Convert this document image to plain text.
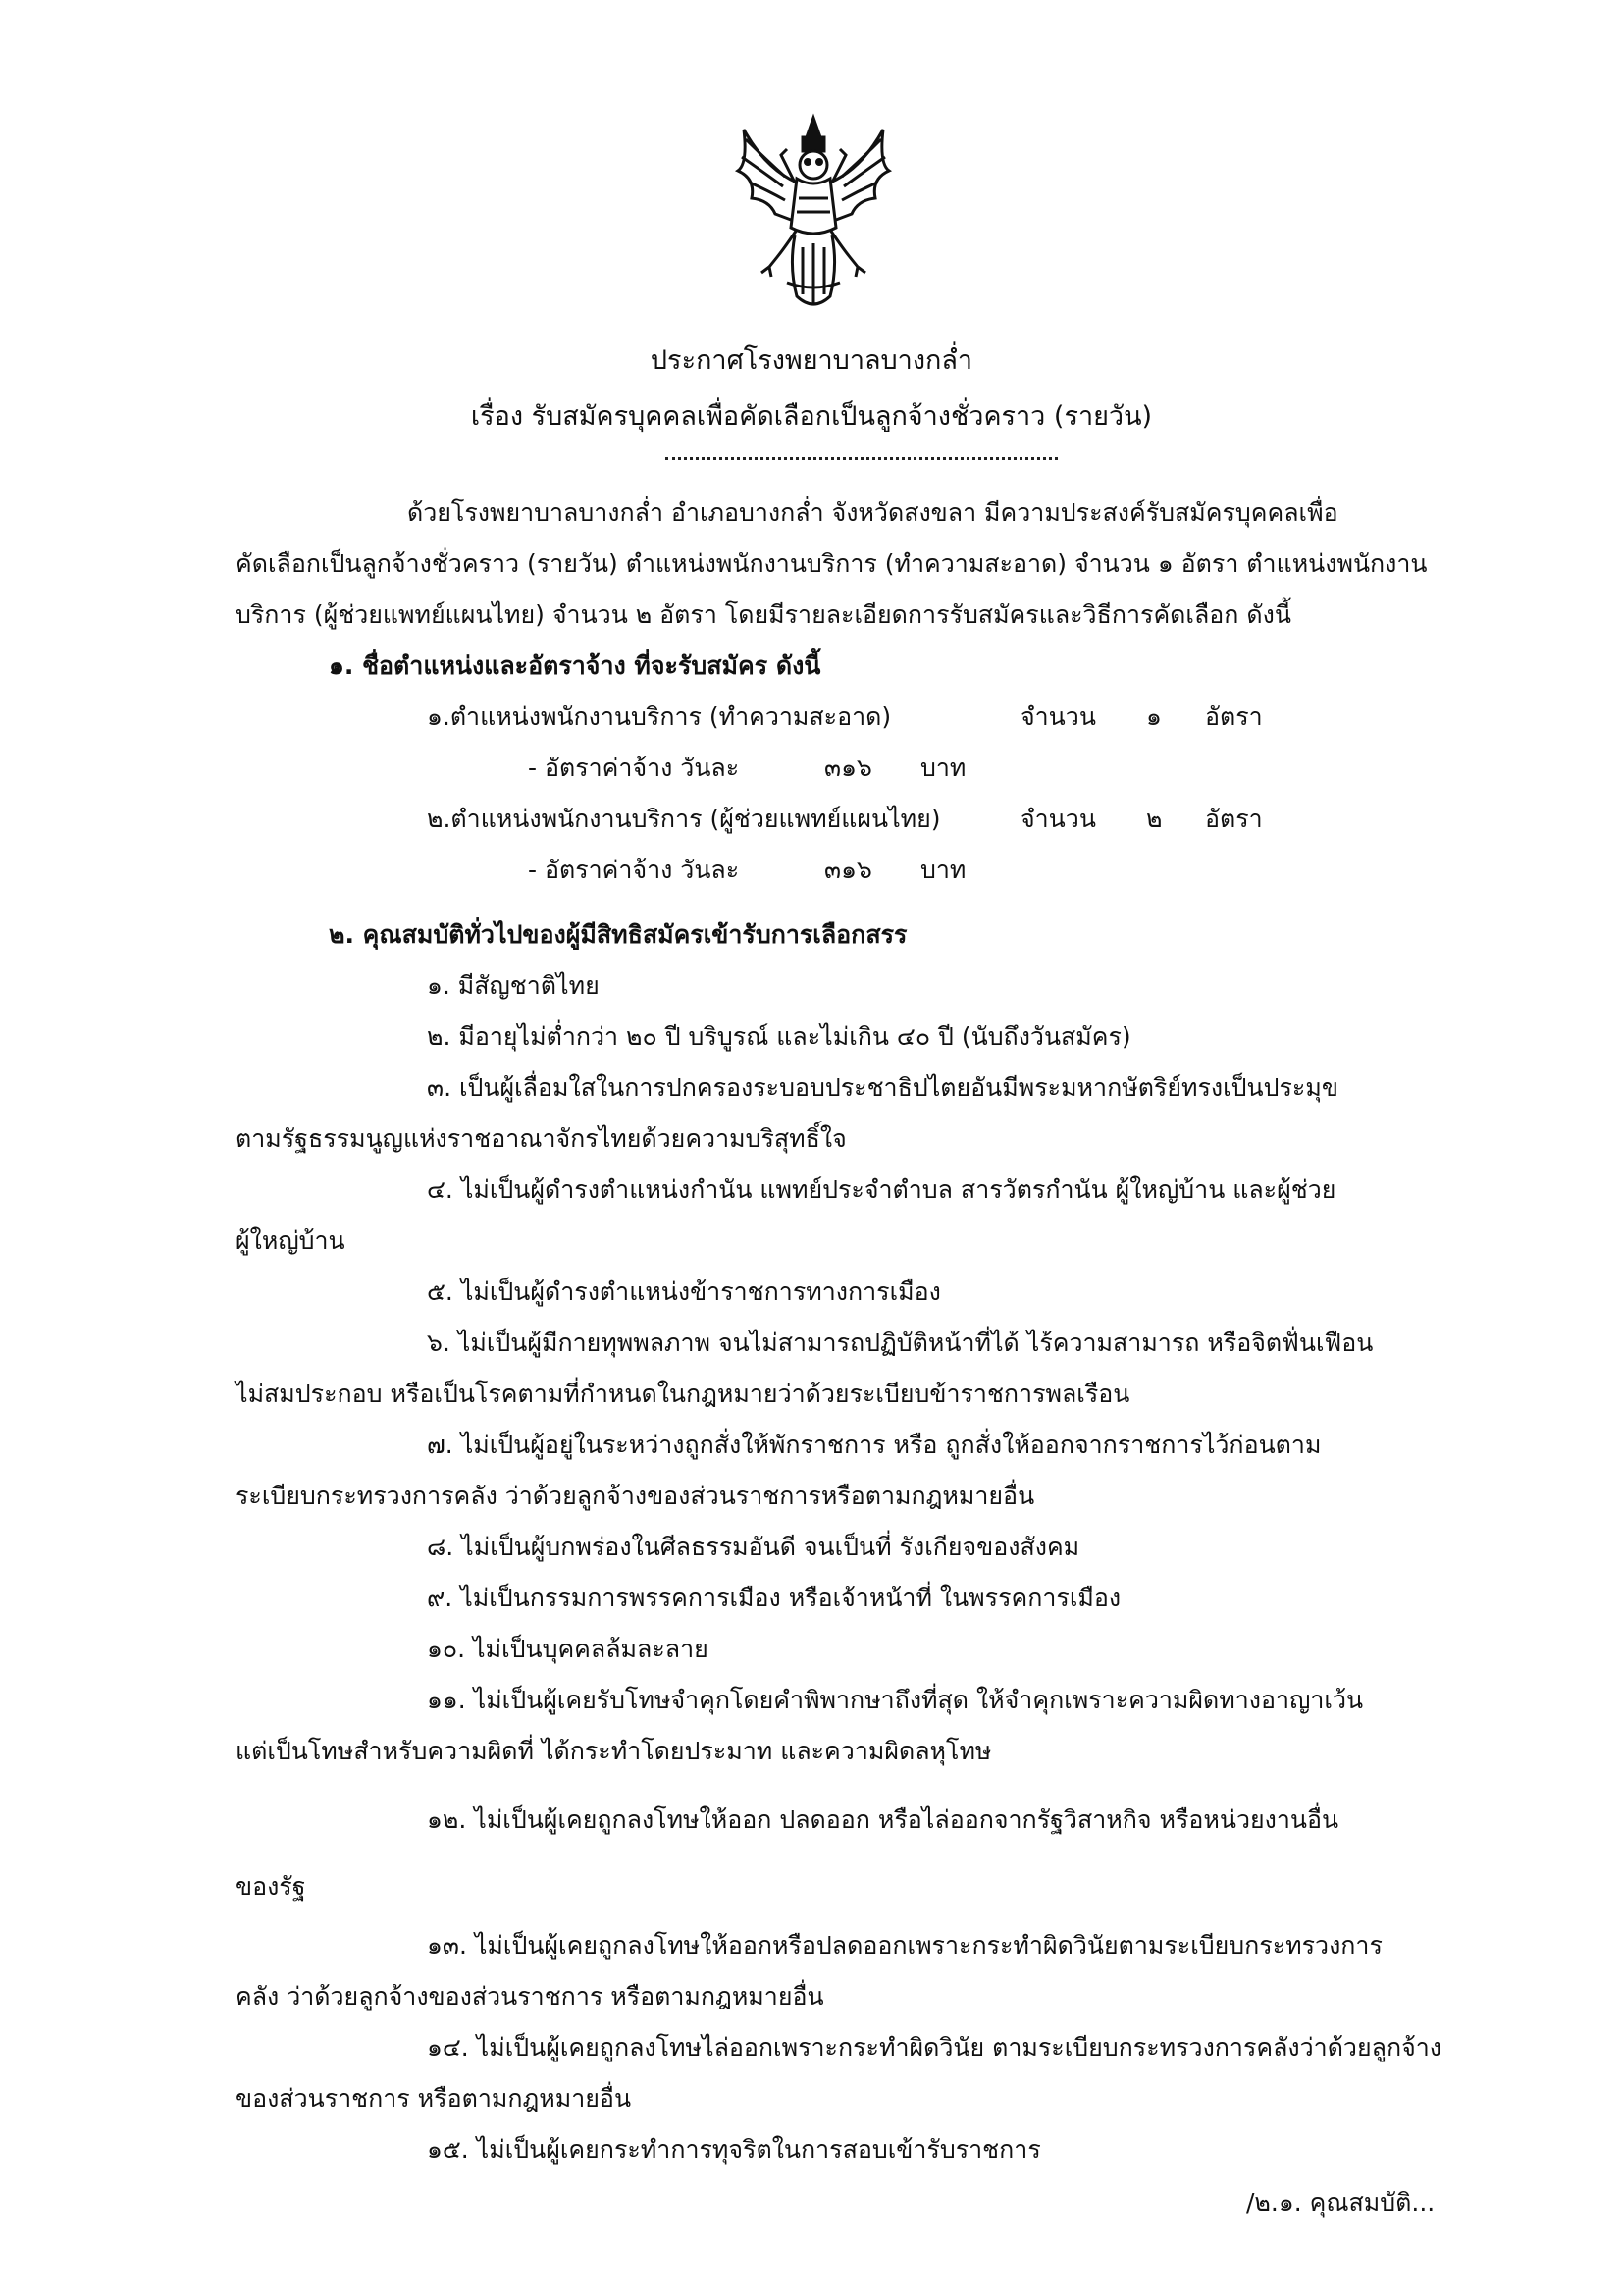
ประกาศโรงพยาบาลบางกล่ำ
เรื่อง รับสมัครบุคคลเพื่อคัดเลือกเป็นลูกจ้างชั่วคราว (รายวัน)
ด้วยโรงพยาบาลบางกล่ำ อำเภอบางกล่ำ จังหวัดสงขลา มีความประสงค์รับสมัครบุคคลเพื่อ
คัดเลือกเป็นลูกจ้างชั่วคราว (รายวัน) ตำแหน่งพนักงานบริการ (ทำความสะอาด) จำนวน ๑ อัตรา ตำแหน่งพนักงาน
บริการ (ผู้ช่วยแพทย์แผนไทย) จำนวน ๒ อัตรา โดยมีรายละเอียดการรับสมัครและวิธีการคัดเลือก ดังนี้
๑. ชื่อตำแหน่งและอัตราจ้าง ที่จะรับสมัคร ดังนี้
๑.ตำแหน่งพนักงานบริการ (ทำความสะอาด)	จำนวน ๑ อัตรา
- อัตราค่าจ้าง วันละ	๓๑๖ บาท
๒.ตำแหน่งพนักงานบริการ (ผู้ช่วยแพทย์แผนไทย)	จำนวน ๒ อัตรา
- อัตราค่าจ้าง วันละ	๓๑๖ บาท
๒. คุณสมบัติทั่วไปของผู้มีสิทธิสมัครเข้ารับการเลือกสรร
๑. มีสัญชาติไทย
๒. มีอายุไม่ต่ำกว่า ๒๐ ปี บริบูรณ์ และไม่เกิน ๔๐ ปี (นับถึงวันสมัคร)
๓. เป็นผู้เลื่อมใสในการปกครองระบอบประชาธิปไตยอันมีพระมหากษัตริย์ทรงเป็นประมุข
ตามรัฐธรรมนูญแห่งราชอาณาจักรไทยด้วยความบริสุทธิ์ใจ
๔. ไม่เป็นผู้ดำรงตำแหน่งกำนัน แพทย์ประจำตำบล สารวัตรกำนัน ผู้ใหญ่บ้าน และผู้ช่วย
ผู้ใหญ่บ้าน
๕. ไม่เป็นผู้ดำรงตำแหน่งข้าราชการทางการเมือง
๖. ไม่เป็นผู้มีกายทุพพลภาพ จนไม่สามารถปฏิบัติหน้าที่ได้ ไร้ความสามารถ หรือจิตฟั่นเฟือน
ไม่สมประกอบ หรือเป็นโรคตามที่กำหนดในกฎหมายว่าด้วยระเบียบข้าราชการพลเรือน
๗. ไม่เป็นผู้อยู่ในระหว่างถูกสั่งให้พักราชการ หรือ ถูกสั่งให้ออกจากราชการไว้ก่อนตาม
ระเบียบกระทรวงการคลัง ว่าด้วยลูกจ้างของส่วนราชการหรือตามกฎหมายอื่น
๘. ไม่เป็นผู้บกพร่องในศีลธรรมอันดี จนเป็นที่ รังเกียจของสังคม
๙. ไม่เป็นกรรมการพรรคการเมือง หรือเจ้าหน้าที่ ในพรรคการเมือง
๑๐. ไม่เป็นบุคคลล้มละลาย
๑๑. ไม่เป็นผู้เคยรับโทษจำคุกโดยคำพิพากษาถึงที่สุด ให้จำคุกเพราะความผิดทางอาญาเว้น
แต่เป็นโทษสำหรับความผิดที่ ได้กระทำโดยประมาท และความผิดลหุโทษ
๑๒. ไม่เป็นผู้เคยถูกลงโทษให้ออก ปลดออก หรือไล่ออกจากรัฐวิสาหกิจ หรือหน่วยงานอื่น
ของรัฐ
๑๓. ไม่เป็นผู้เคยถูกลงโทษให้ออกหรือปลดออกเพราะกระทำผิดวินัยตามระเบียบกระทรวงการ
คลัง ว่าด้วยลูกจ้างของส่วนราชการ หรือตามกฎหมายอื่น
๑๔. ไม่เป็นผู้เคยถูกลงโทษไล่ออกเพราะกระทำผิดวินัย ตามระเบียบกระทรวงการคลังว่าด้วยลูกจ้าง
ของส่วนราชการ หรือตามกฎหมายอื่น
๑๕. ไม่เป็นผู้เคยกระทำการทุจริตในการสอบเข้ารับราชการ
/๒.๑. คุณสมบัติ...
